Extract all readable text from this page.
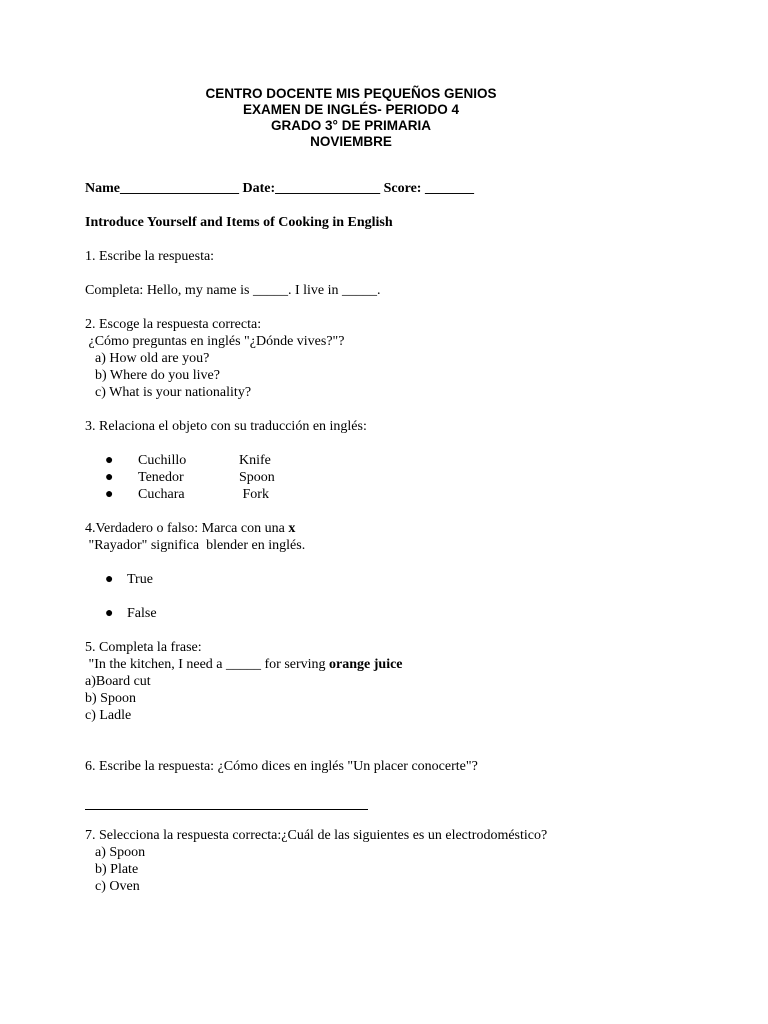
CENTRO DOCENTE MIS PEQUEÑOS GENIOS
EXAMEN DE INGLÉS- PERIODO 4
GRADO 3° DE PRIMARIA
NOVIEMBRE
Name_________________ Date:_______________ Score: _______
Introduce Yourself and Items of Cooking in English
1. Escribe la respuesta:
Completa: Hello, my name is _____. I live in _____.
2. Escoge la respuesta correcta:
¿Cómo preguntas en inglés "¿Dónde vives?"?
a) How old are you?
b) Where do you live?
c) What is your nationality?
3. Relaciona el objeto con su traducción en inglés:
●	Cuchillo	Knife
●	Tenedor	Spoon
●	Cuchara	Fork
4.Verdadero o falso: Marca con una x
"Rayador" significa  blender en inglés.
● True
● False
5. Completa la frase:
"In the kitchen, I need a _____ for serving orange juice
a)Board cut
b) Spoon
c) Ladle
6. Escribe la respuesta: ¿Cómo dices en inglés "Un placer conocerte"?
7. Selecciona la respuesta correcta:¿Cuál de las siguientes es un electrodoméstico?
a) Spoon
b) Plate
c) Oven
